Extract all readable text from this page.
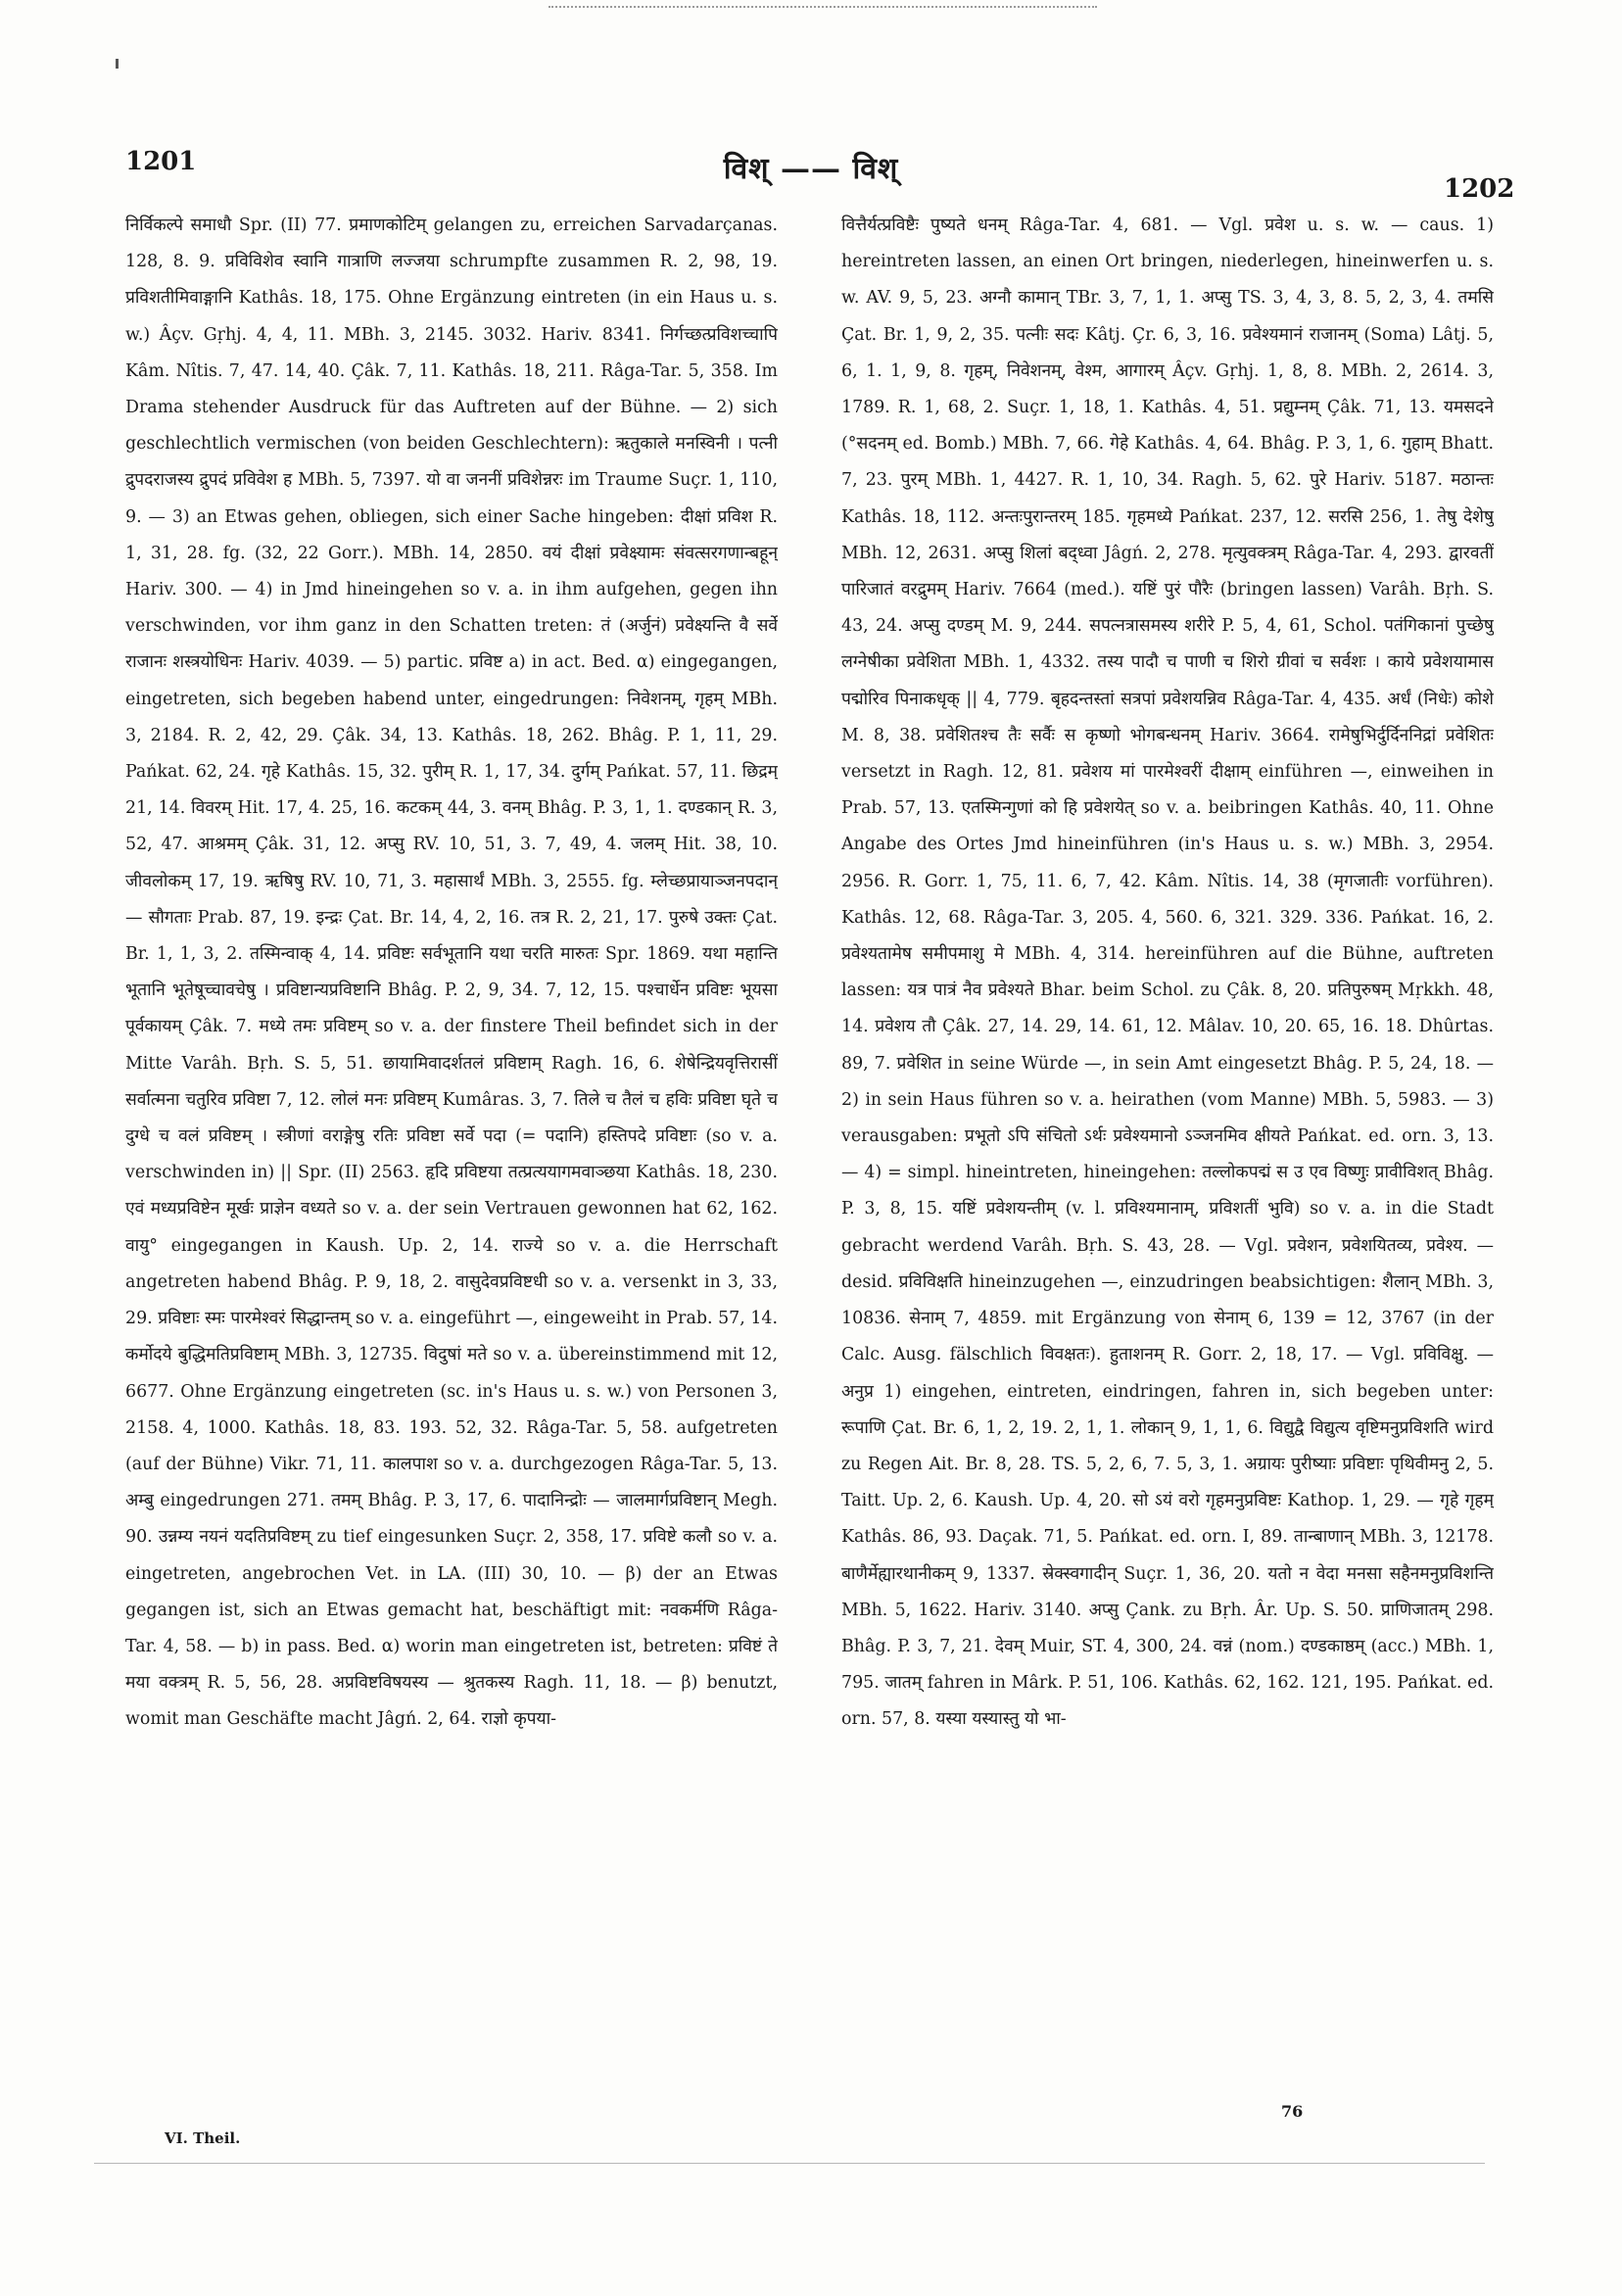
1201	विश् —— विश्
1202

निर्विकल्पे समाधौ Spr. (II) 77. प्रमाणकोटिम् gelangen zu, erreichen Sarvadarçanas. 128, 8. 9. प्रविविशेव स्वानि गात्राणि लज्जया schrumpfte zusammen R. 2, 98, 19. प्रविशतीमिवाङ्गानि Kathâs. 18, 175. Ohne Ergänzung eintreten (in ein Haus u. s. w.) Âçv. Gṛhj. 4, 4, 11. MBh. 3, 2145. 3032. Hariv. 8341. निर्गच्छत्प्रविशच्चापि Kâm. Nîtis. 7, 47. 14, 40. Çâk. 7, 11. Kathâs. 18, 211. Râga-Tar. 5, 358. Im Drama stehender Ausdruck für das Auftreten auf der Bühne. — 2) sich geschlechtlich vermischen (von beiden Geschlechtern): ऋतुकाले मनस्विनी । पत्नी द्रुपदराजस्य द्रुपदं प्रविवेश ह MBh. 5, 7397. यो वा जननीं प्रविशेन्नरः im Traume Suçr. 1, 110, 9. — 3) an Etwas gehen, obliegen, sich einer Sache hingeben: दीक्षां प्रविश R. 1, 31, 28. fg. (32, 22 Gorr.). MBh. 14, 2850. वयं दीक्षां प्रवेक्ष्यामः संवत्सरगणान्बहून् Hariv. 300. — 4) in Jmd hineingehen so v. a. in ihm aufgehen, gegen ihn verschwinden, vor ihm ganz in den Schatten treten: तं (अर्जुनं) प्रवेक्ष्यन्ति वै सर्वे राजानः शस्त्रयोधिनः Hariv. 4039. — 5) partic. प्रविष्ट a) in act. Bed. α) eingegangen, eingetreten, sich begeben habend unter, eingedrungen: निवेशनम्, गृहम् MBh. 3, 2184. R. 2, 42, 29. Çâk. 34, 13. Kathâs. 18, 262. Bhâg. P. 1, 11, 29. Pańkat. 62, 24. गृहे Kathâs. 15, 32. पुरीम् R. 1, 17, 34. दुर्गम् Pańkat. 57, 11. छिद्रम् 21, 14. विवरम् Hit. 17, 4. 25, 16. कटकम् 44, 3. वनम् Bhâg. P. 3, 1, 1. दण्डकान् R. 3, 52, 47. आश्रमम् Çâk. 31, 12. अप्सु RV. 10, 51, 3. 7, 49, 4. जलम् Hit. 38, 10. जीवलोकम् 17, 19. ऋषिषु RV. 10, 71, 3. महासार्थं MBh. 3, 2555. fg. म्लेच्छप्रायाञ्जनपदान् — सौगताः Prab. 87, 19. इन्द्रः Çat. Br. 14, 4, 2, 16. तत्र R. 2, 21, 17. पुरुषे उक्तः Çat. Br. 1, 1, 3, 2. तस्मिन्वाक् 4, 14. प्रविष्टः सर्वभूतानि यथा चरति मारुतः Spr. 1869. यथा महान्ति भूतानि भूतेषूच्चावचेषु । प्रविष्टान्यप्रविष्टानि Bhâg. P. 2, 9, 34. 7, 12, 15. पश्चार्धेन प्रविष्टः भूयसा पूर्वकायम् Çâk. 7. मध्ये तमः प्रविष्टम् so v. a. der finstere Theil befindet sich in der Mitte Varâh. Bṛh. S. 5, 51. छायामिवादर्शतलं प्रविष्टाम् Ragh. 16, 6. शेषेन्द्रियवृत्तिरासीं सर्वात्मना चतुरिव प्रविष्टा 7, 12. लोलं मनः प्रविष्टम् Kumâras. 3, 7. तिले च तैलं च हविः प्रविष्टा घृते च दुग्धे च वलं प्रविष्टम् । स्त्रीणां वराङ्गेषु रतिः प्रविष्टा सर्वे पदा (= पदानि) हस्तिपदे प्रविष्टाः (so v. a. verschwinden in) || Spr. (II) 2563. हृदि प्रविष्टया तत्प्रत्ययागमवाञ्छया Kathâs. 18, 230. एवं मध्यप्रविष्टेन मूर्खः प्राज्ञेन वध्यते so v. a. der sein Vertrauen gewonnen hat 62, 162. वायु° eingegangen in Kaush. Up. 2, 14. राज्ये so v. a. die Herrschaft angetreten habend Bhâg. P. 9, 18, 2. वासुदेवप्रविष्टधी so v. a. versenkt in 3, 33, 29. प्रविष्टाः स्मः पारमेश्वरं सिद्धान्तम् so v. a. eingeführt —, eingeweiht in Prab. 57, 14. कर्मोदये बुद्धिमतिप्रविष्टाम् MBh. 3, 12735. विदुषां मते so v. a. übereinstimmend mit 12, 6677. Ohne Ergänzung eingetreten (sc. in's Haus u. s. w.) von Personen 3, 2158. 4, 1000. Kathâs. 18, 83. 193. 52, 32. Râga-Tar. 5, 58. aufgetreten (auf der Bühne) Vikr. 71, 11. कालपाश so v. a. durchgezogen Râga-Tar. 5, 13. अम्बु eingedrungen 271. तमम् Bhâg. P. 3, 17, 6. पादानिन्द्रोः — जालमार्गप्रविष्टान् Megh. 90. उन्नम्य नयनं यदतिप्रविष्टम् zu tief eingesunken Suçr. 2, 358, 17. प्रविष्टे कलौ so v. a. eingetreten, angebrochen Vet. in LA. (III) 30, 10. — β) der an Etwas gegangen ist, sich an Etwas gemacht hat, beschäftigt mit: नवकर्मणि Râga-Tar. 4, 58. — b) in pass. Bed. α) worin man eingetreten ist, betreten: प्रविष्टं ते मया वक्त्रम् R. 5, 56, 28. अप्रविष्टविषयस्य — श्रुतकस्य Ragh. 11, 18. — β) benutzt, womit man Geschäfte macht Jâgń. 2, 64. राज्ञो कृपया-

वित्तैर्यत्प्रविष्टैः पुष्यते धनम् Râga-Tar. 4, 681. — Vgl. प्रवेश u. s. w. — caus. 1) hereintreten lassen, an einen Ort bringen, niederlegen, hineinwerfen u. s. w. AV. 9, 5, 23. अग्नौ कामान् TBr. 3, 7, 1, 1. अप्सु TS. 3, 4, 3, 8. 5, 2, 3, 4. तमसि Çat. Br. 1, 9, 2, 35. पत्नीः सदः Kâtj. Çr. 6, 3, 16. प्रवेश्यमानं राजानम् (Soma) Lâtj. 5, 6, 1. 1, 9, 8. गृहम्, निवेशनम्, वेश्म, आगारम् Âçv. Gṛhj. 1, 8, 8. MBh. 2, 2614. 3, 1789. R. 1, 68, 2. Suçr. 1, 18, 1. Kathâs. 4, 51. प्रद्युम्नम् Çâk. 71, 13. यमसदने (°सदनम् ed. Bomb.) MBh. 7, 66. गेहे Kathâs. 4, 64. Bhâg. P. 3, 1, 6. गुहाम् Bhatt. 7, 23. पुरम् MBh. 1, 4427. R. 1, 10, 34. Ragh. 5, 62. पुरे Hariv. 5187. मठान्तः Kathâs. 18, 112. अन्तःपुरान्तरम् 185. गृहमध्ये Pańkat. 237, 12. सरसि 256, 1. तेषु देशेषु MBh. 12, 2631. अप्सु शिलां बद्ध्वा Jâgń. 2, 278. मृत्युवक्त्रम् Râga-Tar. 4, 293. द्वारवतीं पारिजातं वरद्रुमम् Hariv. 7664 (med.). यष्टिं पुरं पौरैः (bringen lassen) Varâh. Bṛh. S. 43, 24. अप्सु दण्डम् M. 9, 244. सपत्नत्रासमस्य शरीरे P. 5, 4, 61, Schol. पतंगिकानां पुच्छेषु लग्नेषीका प्रवेशिता MBh. 1, 4332. तस्य पादौ च पाणी च शिरो ग्रीवां च सर्वशः । काये प्रवेशयामास पद्मोरिव पिनाकधृक् || 4, 779. बृहदन्तस्तां सत्रपां प्रवेशयन्निव Râga-Tar. 4, 435. अर्धं (निधेः) कोशे M. 8, 38. प्रवेशितश्च तैः सर्वैः स कृष्णो भोगबन्धनम् Hariv. 3664. रामेषुभिर्दुर्दिननिद्रां प्रवेशितः versetzt in Ragh. 12, 81. प्रवेशय मां पारमेश्वरीं दीक्षाम् einführen —, einweihen in Prab. 57, 13. एतस्मिन्गुणां को हि प्रवेशयेत् so v. a. beibringen Kathâs. 40, 11. Ohne Angabe des Ortes Jmd hineinführen (in's Haus u. s. w.) MBh. 3, 2954. 2956. R. Gorr. 1, 75, 11. 6, 7, 42. Kâm. Nîtis. 14, 38 (मृगजातीः vorführen). Kathâs. 12, 68. Râga-Tar. 3, 205. 4, 560. 6, 321. 329. 336. Pańkat. 16, 2. प्रवेश्यतामेष समीपमाशु मे MBh. 4, 314. hereinführen auf die Bühne, auftreten lassen: यत्र पात्रं नैव प्रवेश्यते Bhar. beim Schol. zu Çâk. 8, 20. प्रतिपुरुषम् Mṛkkh. 48, 14. प्रवेशय तौ Çâk. 27, 14. 29, 14. 61, 12. Mâlav. 10, 20. 65, 16. 18. Dhûrtas. 89, 7. प्रवेशित in seine Würde —, in sein Amt eingesetzt Bhâg. P. 5, 24, 18. — 2) in sein Haus führen so v. a. heirathen (vom Manne) MBh. 5, 5983. — 3) verausgaben: प्रभूतो ऽपि संचितो ऽर्थः प्रवेश्यमानो ऽञ्जनमिव क्षीयते Pańkat. ed. orn. 3, 13. — 4) = simpl. hineintreten, hineingehen: तल्लोकपद्मं स उ एव विष्णुः प्रावीविशत् Bhâg. P. 3, 8, 15. यष्टिं प्रवेशयन्तीम् (v. l. प्रविश्यमानाम्, प्रविशतीं भुवि) so v. a. in die Stadt gebracht werdend Varâh. Bṛh. S. 43, 28. — Vgl. प्रवेशन, प्रवेशयितव्य, प्रवेश्य. — desid. प्रविविक्षति hineinzugehen —, einzudringen beabsichtigen: शैलान् MBh. 3, 10836. सेनाम् 7, 4859. mit Ergänzung von सेनाम् 6, 139 = 12, 3767 (in der Calc. Ausg. fälschlich विवक्षतः). हुताशनम् R. Gorr. 2, 18, 17. — Vgl. प्रविविक्षु. — अनुप्र 1) eingehen, eintreten, eindringen, fahren in, sich begeben unter: रूपाणि Çat. Br. 6, 1, 2, 19. 2, 1, 1. लोकान् 9, 1, 1, 6. विद्युद्वै विद्युत्य वृष्टिमनुप्रविशति wird zu Regen Ait. Br. 8, 28. TS. 5, 2, 6, 7. 5, 3, 1. अग्रायः पुरीष्याः प्रविष्टाः पृथिवीमनु 2, 5. Taitt. Up. 2, 6. Kaush. Up. 4, 20. सो ऽयं वरो गृहमनुप्रविष्टः Kathop. 1, 29. — गृहे गृहम् Kathâs. 86, 93. Daçak. 71, 5. Pańkat. ed. orn. I, 89. तान्बाणान् MBh. 3, 12178. बाणैर्मेह्यारथानीकम् 9, 1337. स्रेक्स्वगादीन् Suçr. 1, 36, 20. यतो न वेदा मनसा सहैनमनुप्रविशन्ति MBh. 5, 1622. Hariv. 3140. अप्सु Çank. zu Bṛh. Âr. Up. S. 50. प्राणिजातम् 298. Bhâg. P. 3, 7, 21. देवम् Muir, ST. 4, 300, 24. वन्नं (nom.) दण्डकाष्ठम् (acc.) MBh. 1, 795. जातम् fahren in Mârk. P. 51, 106. Kathâs. 62, 162. 121, 195. Pańkat. ed. orn. 57, 8. यस्या यस्यास्तु यो भा-

76
VI. Theil.
